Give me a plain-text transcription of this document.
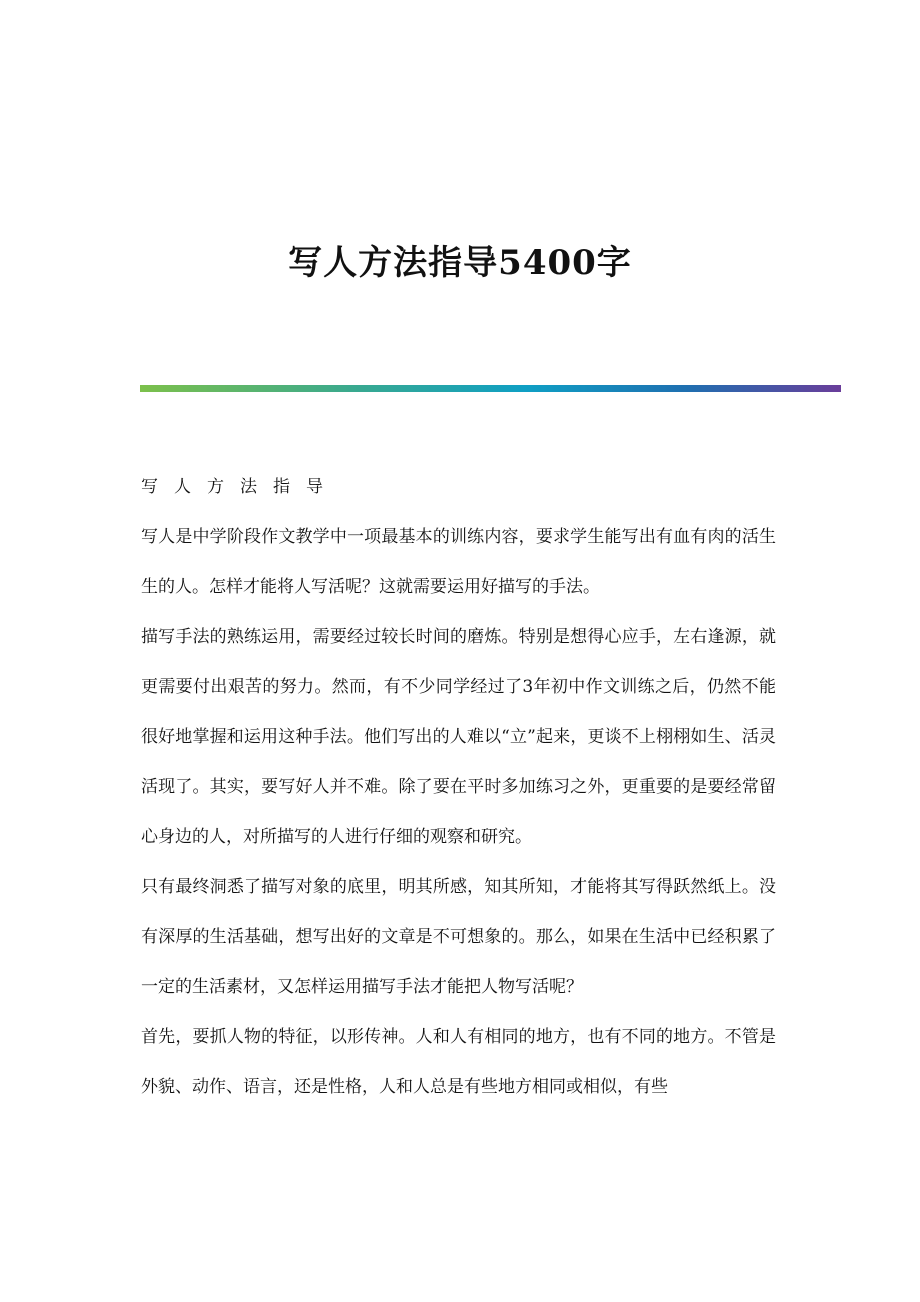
写人方法指导5400字
写人方法指导

写人是中学阶段作文教学中一项最基本的训练内容，要求学生能写出有血有肉的活生生的人。怎样才能将人写活呢？这就需要运用好描写的手法。

描写手法的熟练运用，需要经过较长时间的磨炼。特别是想得心应手，左右逢源，就更需要付出艰苦的努力。然而，有不少同学经过了3年初中作文训练之后，仍然不能很好地掌握和运用这种手法。他们写出的人难以“立”起来，更谈不上栩栩如生、活灵活现了。其实，要写好人并不难。除了要在平时多加练习之外，更重要的是要经常留心身边的人，对所描写的人进行仔细的观察和研究。

只有最终洞悉了描写对象的底里，明其所感，知其所知，才能将其写得跃然纸上。没有深厚的生活基础，想写出好的文章是不可想象的。那么，如果在生活中已经积累了一定的生活素材，又怎样运用描写手法才能把人物写活呢？

首先，要抓人物的特征，以形传神。人和人有相同的地方，也有不同的地方。不管是外貌、动作、语言，还是性格，人和人总是有些地方相同或相似，有些
